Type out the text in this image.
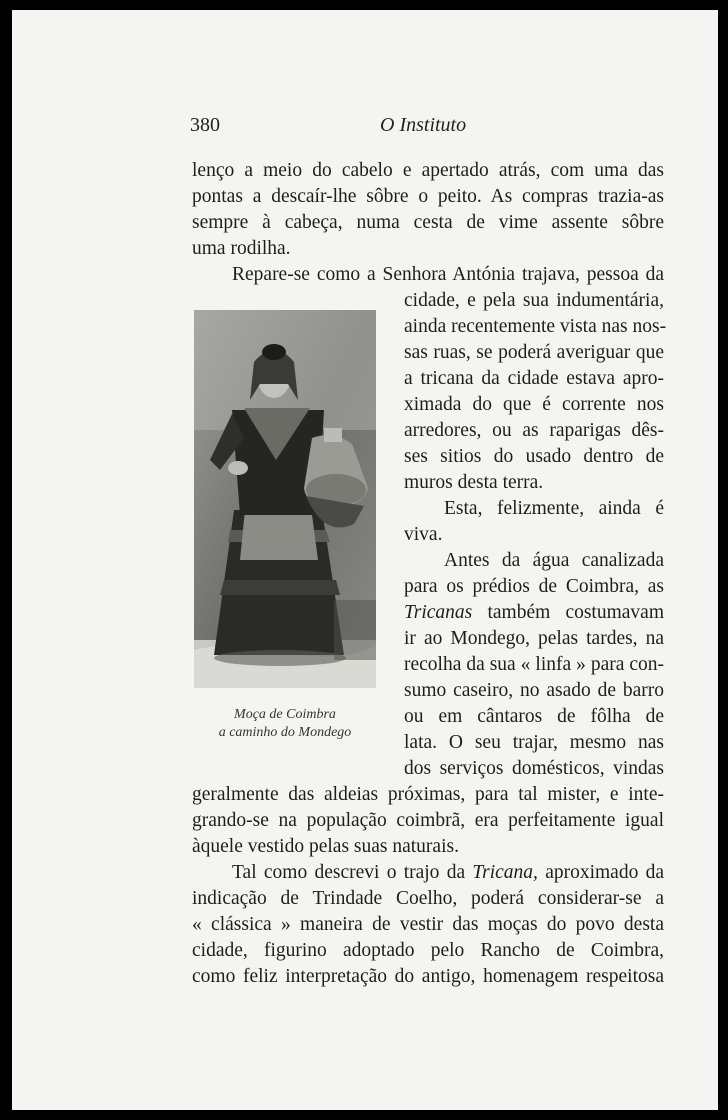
380	O Instituto
lenço a meio do cabelo e apertado atrás, com uma das
pontas a descaír-lhe sôbre o peito. As compras trazia-as
sempre à cabeça, numa cesta de vime assente sôbre
uma rodilha.
Repare-se como a Senhora Antónia trajava, pessoa da
cidade, e pela sua indumentária,
ainda recentemente vista nas nos-
sas ruas, se poderá averiguar que
a tricana da cidade estava apro-
ximada do que é corrente nos
arredores, ou as raparigas dês-
ses sitios do usado dentro de
muros desta terra.
Esta, felizmente, ainda é
viva.
Antes da água canalizada
para os prédios de Coimbra, as
Tricanas também costumavam
ir ao Mondego, pelas tardes, na
recolha da sua « linfa » para con-
sumo caseiro, no asado de barro
ou em cântaros de fôlha de
lata. O seu trajar, mesmo nas
dos serviços domésticos, vindas
geralmente das aldeias próximas, para tal mister, e inte-
grando-se na população coimbrã, era perfeitamente igual
àquele vestido pelas suas naturais.
Tal como descrevi o trajo da Tricana, aproximado da
indicação de Trindade Coelho, poderá considerar-se a
« clássica » maneira de vestir das moças do povo desta
cidade, figurino adoptado pelo Rancho de Coimbra,
como feliz interpretação do antigo, homenagem respeitosa
Moça de Coimbra
a caminho do Mondego
